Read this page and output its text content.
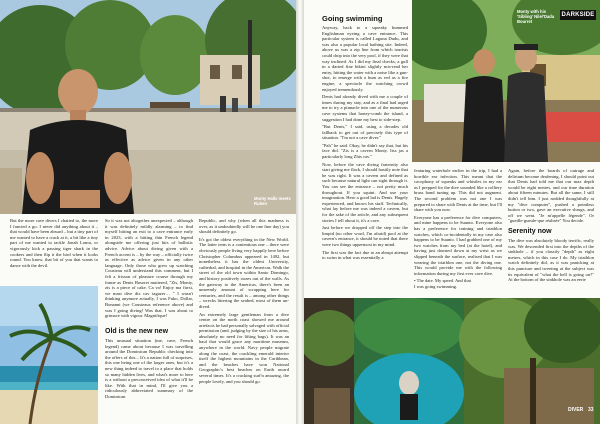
Monty Halls meets Ruben

But the more cave divers I chatted to, the more I fancied a go. I never did anything about it – that would have been absurd – but a tiny part of me wanted to have a crack at it, a bit like a tiny part of me wanted to tackle Jonah Lomu, or vigorously kick a passing tiger shark in the cookers and then flip it the bird when it looks round. You know, that bit of you that wants to dance with the devil.

So it was not altogether unexpected – although it was definitely mildly alarming – to find myself hitting an exit to a cave entrance early in 2023, with a hitting thin French legend alongside me offering just bits of ballistic advice. Advice about diving given with a French accent is – by the way – officially twice as effective as advice given in any other language. Only those who grew up watching Cousteau will understand this comment, but I felt a frisson of pleasure course through my frame as Denis Bourret muttered, "Zis, Monty, zis is a piece of cake. Ca va! Enjoy ma firrst, we mast dive dis cav tagazer… " I wasn't thinking anymore actually, I was Fuko, Dollar, Bonanni (we Cousteaus reference above) and was I going diving! Was that. I was about to grimace with vigour. Magnifique!

Old is the new new

This unusual situation (me, cave, French legend) came about because I was travelling around the Dominican Republic checking into the offers of this... It's a nation full of surprises, this one being one of the larger ones, but it's a new thing indeed to travel to a place that holds so many hidden lives, and what's more to here is a without a preconceived idea of what it'll be like. With that in mind, I'll give you a ridiculously abbreviated summary of the Dominican

Republic, and why (when all this madness is over, as it undoubtedly will be one fine day) you should definitely go.

It's got the oldest everything in the New World. The latter term is a contentious one – there were obviously people living very happily here before Christopher Columbus appeared in 1492, but nonetheless it has the oldest University, cathedral, and hospital in the Americas. Walk the street of the old town within Santo Domingo, and history positively oozes out of the walls. As the gateway to the Americas, there's been an unseemly amount of scrapping here for centuries, and the result is – among other things – wrecks littering the seabed, most of them un-dived.

An extremely large gentleman from a dive centre on the north coast showed me around artefacts he had personally salvaged with official permission (and, judging by the size of his arms, absolutely no need for lifting bags). It was an haul that would grace any maritime museum, anywhere in the world. Navy people migrate along the coast, the crackling emerald interior itself the highest mountains in the Caribbean, and the beaches have won National Geographic's best beaches on Earth award several times. It's a cracking surf'n amazing, the people lovely, and you should go.

Going swimming

Anyway, back to a squeaky bummed Englishman eyeing a cave entrance. This particular system is called Laguna Dudu, and was also a popular local bathing site. Indeed, above us was a zip line from which tourists could drop into the very pool, if they were that way inclined. As I did my final checks, a gull in a darted fine bikini slightly mis-read her entry, hitting the water with a noise like a gun-shot, to emerge with a hum as red as a fire engine, a spectacle the watching crowd enjoyed tremendously.

Denis had already dived with me a couple of times during my stay, and as a final had urged me to try a pinnacle into one of the numerous cave systems that honey-comb the island, a suggestion I had done my best to side-step.

"But Denis," I said, using a decades old fallback to get out of precisely this type of situation. "I'm not a cave diver."

"Pah" he said. Okay, he didn't say that, but his face did. "Zis is a cavern Monty. Itss jas a particularly long Zhis cav."

Now, before the cave diving fraternity also start giving me flack, I should hastily note that he was right. It was a cavern and defined as such because natural light can sight through it. You can see the entrance – not pretty much throughout. If you squint. And use your imagination. Hero a good lad is Denis. Hugely experienced, and knows his stuff. Technically, what lay before me was indeed a cavern, but for the sake of the article, and any subsequent stories I tell about it, it's a cave.

Just before we dropped off the step into the limpid (no other word, I'm afraid) pool at the cavern's entrance, it should be noted that there were two things uppermost in my mind.

The first was the fact due to an abrupt attempt to swim in what was essentially a

DARKSIDE
Monty with his 'Sibling' Nile/'Dada Bourret

featuring waterhole earlier in the trip, I had a horrible ear infection. This meant that the cacophony of squeaks and whistles in my ear as I prepped for the dive sounded like a colliery brass band tuning up. This did not augment. The second problem was not one I was prepared to share with Denis at the time, but I'll share with you now.

Everyone has a preference for dive computers, and mine happens to be Suunto. Everyone also has a preference for training and triathlon watches, which co-incidentally in my case also happens to be Suunto. I had grabbed one of my two watches from my bed (at the hotel), and having just dawned down at my wrist as we slipped beneath the surface, realised that I was wearing the triathlon one, not the diving one. This would provide me with the following information during my first ever cave dive.

• The date. My speed. And that

I was going swimming.

Again, before the boards of outrage and delirium become deafening, I should point out that Denis had told me that our max depth would be eight metres, and our time duration about fifteen minutes. But all the same, I still didn't tell him. I just nodded thoughtfully at my "dive computer", pushed a pointless button or two, gave an executive shrugs, and off we went. "Je m'appelle légende". Or "gueille-gueule-que réalisée" You decide.

Serenity now

The dive was absolutely bloody terrific, really was. We descended first into the depths of the sinkhole – if you classify "depth" as eight metres, which in this case I do. My triathlon watch definitely did, as it was panicking at this puncture and tweeting at the subject was its equivalent of "what the hell is going on?" At the bottom of the sinkhole was an eerie

DIVER 33
